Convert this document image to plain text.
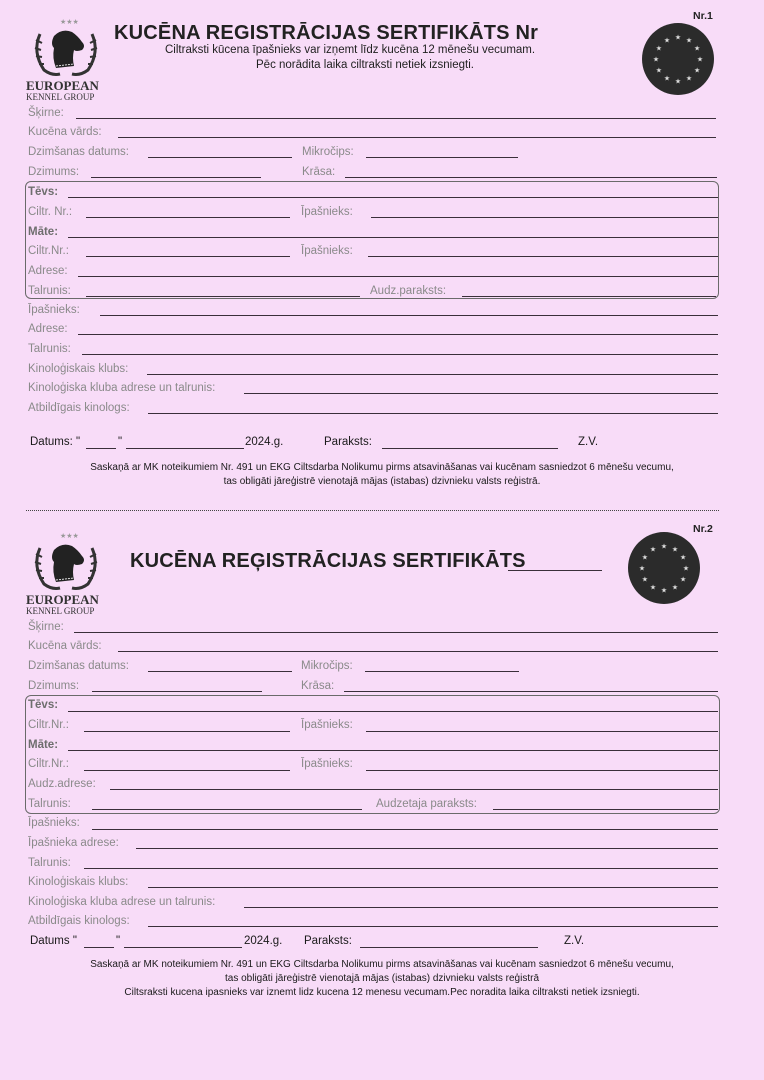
★★★
EUROPEAN
KENNEL GROUP
KUCĒNA REGISTRĀCIJAS SERTIFIKĀTS Nr
Ciltraksti kūcena īpašnieks var izņemt līdz kucēna 12 mēnešu vecumam.
Pēc norādita laika ciltraksti netiek izsniegti.
Nr.1
★ ★
★
★
★
★
★
★
★
★
★
★
Šķirne:
Kucēna vārds:
Dzimšanas datums:	Mikročips:
Dzimums:	Krāsa:
Tēvs:
Ciltr. Nr.:	Īpašnieks:
Māte:
Ciltr.Nr.:	Īpašnieks:
Adrese:
Talrunis:	Audz.paraksts:
Īpašnieks:
Adrese:
Talrunis:
Kinoloģiskais klubs:
Kinoloģiska kluba adrese un talrunis:
Atbildīgais kinologs:
Datums: "	"	2024.g.	Paraksts:	Z.V.
Saskaņā ar MK noteikumiem Nr. 491 un EKG Ciltsdarba Nolikumu pirms atsavināšanas vai kucēnam sasniedzot 6 mēnešu vecumu,
tas obligāti jāreģistrē vienotajā mājas (istabas) dzivnieku valsts reģistrā.
★★★
EUROPEAN
KENNEL GROUP
KUCĒNA REĢISTRĀCIJAS SERTIFIKĀTS
Nr.2
★ ★
★
★
★
★
★
★
★
★
★
★
Šķirne:
Kucēna vārds:
Dzimšanas datums:	Mikročips:
Dzimums:	Krāsa:
Tēvs:
Ciltr.Nr.:	Īpašnieks:
Māte:
Ciltr.Nr.:	Īpašnieks:
Audz.adrese:
Talrunis:	Audzetaja paraksts:
Īpašnieks:
Īpašnieka adrese:
Talrunis:
Kinoloģiskais klubs:
Kinoloģiska kluba adrese un talrunis:
Atbildīgais kinologs:
Datums "	"	2024.g. Paraksts:	Z.V.
Saskaņā ar MK noteikumiem Nr. 491 un EKG Ciltsdarba Nolikumu pirms atsavināšanas vai kucēnam sasniedzot 6 mēnešu vecumu,
tas obligāti jāreģistrē vienotajā mājas (istabas) dzivnieku valsts reģistrā
Ciltsraksti kucena ipasnieks var iznemt lidz kucena 12 menesu vecumam.Pec noradita laika ciltraksti netiek izsniegti.
